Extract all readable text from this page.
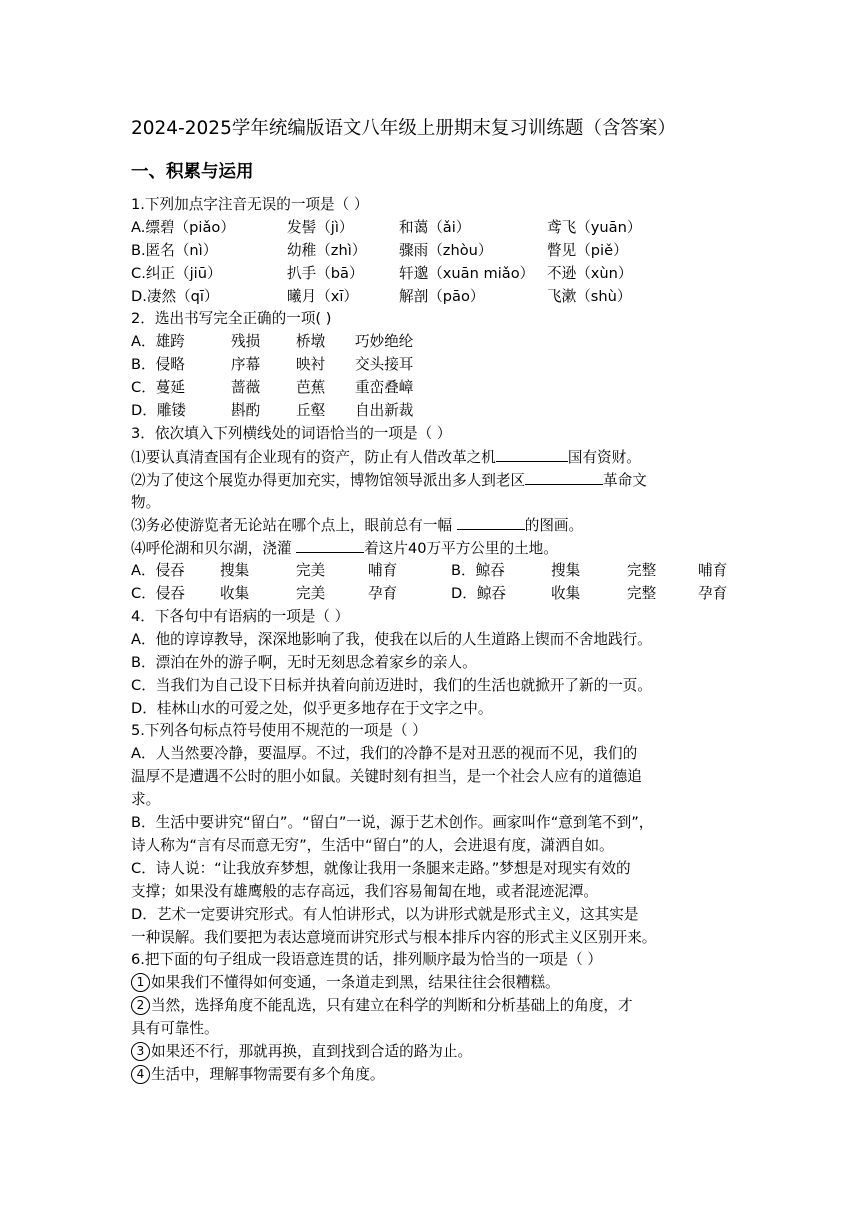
2024-2025学年统编版语文八年级上册期末复习训练题（含答案）
一、积累与运用
1.下列加点字注音无误的一项是（ ）
A.缥碧（piǎo）	发髻（jì）	和蔼（ǎi）	鸢飞（yuān）
B.匿名（nì）	幼稚（zhì） 骤雨（zhòu）	瞥见（piě）
C.纠正（jiū）	扒手（bā） 轩邈（xuān miǎo） 不逊（xùn）
D.凄然（qī）	曦月（xī）	解剖（pāo）	飞漱（shù）
2．选出书写完全正确的一项( )
A．雄跨	残损 桥墩 巧妙绝纶
B．侵略	序幕 映衬 交头接耳
C．蔓延	蔷薇 芭蕉 重峦叠嶂
D．雕镂	斟酌 丘壑 自出新裁
3．依次填入下列横线处的词语恰当的一项是（ ）
⑴要认真清查国有企业现有的资产，防止有人借改革之机	国有资财。
⑵为了使这个展览办得更加充实，博物馆领导派出多人到老区	革命文
物。
⑶务必使游览者无论站在哪个点上，眼前总有一幅	的图画。
⑷呼伦湖和贝尔湖，浇灌	着这片40万平方公里的土地。
A．侵吞 搜集	完美	哺育	B．鲸吞	搜集	完整	哺育
C．侵吞 收集	完美	孕育	D．鲸吞	收集	完整	孕育
4．下各句中有语病的一项是（ ）
A．他的谆谆教导，深深地影响了我，使我在以后的人生道路上锲而不舍地践行。
B．漂泊在外的游子啊，无时无刻思念着家乡的亲人。
C．当我们为自己设下日标并执着向前迈进时，我们的生活也就掀开了新的一页。
D．桂林山水的可爱之处，似乎更多地存在于文字之中。
5.下列各句标点符号使用不规范的一项是（ ）
A．人当然要冷静，要温厚。不过，我们的冷静不是对丑恶的视而不见，我们的
温厚不是遭遇不公时的胆小如鼠。关键时刻有担当，是一个社会人应有的道德追
求。
B．生活中要讲究“留白”。“留白”一说，源于艺术创作。画家叫作“意到笔不到”，
诗人称为“言有尽而意无穷”，生活中“留白”的人，会进退有度，潇洒自如。
C．诗人说：“让我放弃梦想，就像让我用一条腿来走路。”梦想是对现实有效的
支撑；如果没有雄鹰般的志存高远，我们容易匍匐在地，或者混迹泥潭。
D．艺术一定要讲究形式。有人怕讲形式，以为讲形式就是形式主义，这其实是
一种误解。我们要把为表达意境而讲究形式与根本排斥内容的形式主义区别开来。
6.把下面的句子组成一段语意连贯的话，排列顺序最为恰当的一项是（ ）
1 如果我们不懂得如何变通，一条道走到黑，结果往往会很糟糕。
2 当然，选择角度不能乱选，只有建立在科学的判断和分析基础上的角度，才
具有可靠性。
3 如果还不行，那就再换，直到找到合适的路为止。
4 生活中，理解事物需要有多个角度。
